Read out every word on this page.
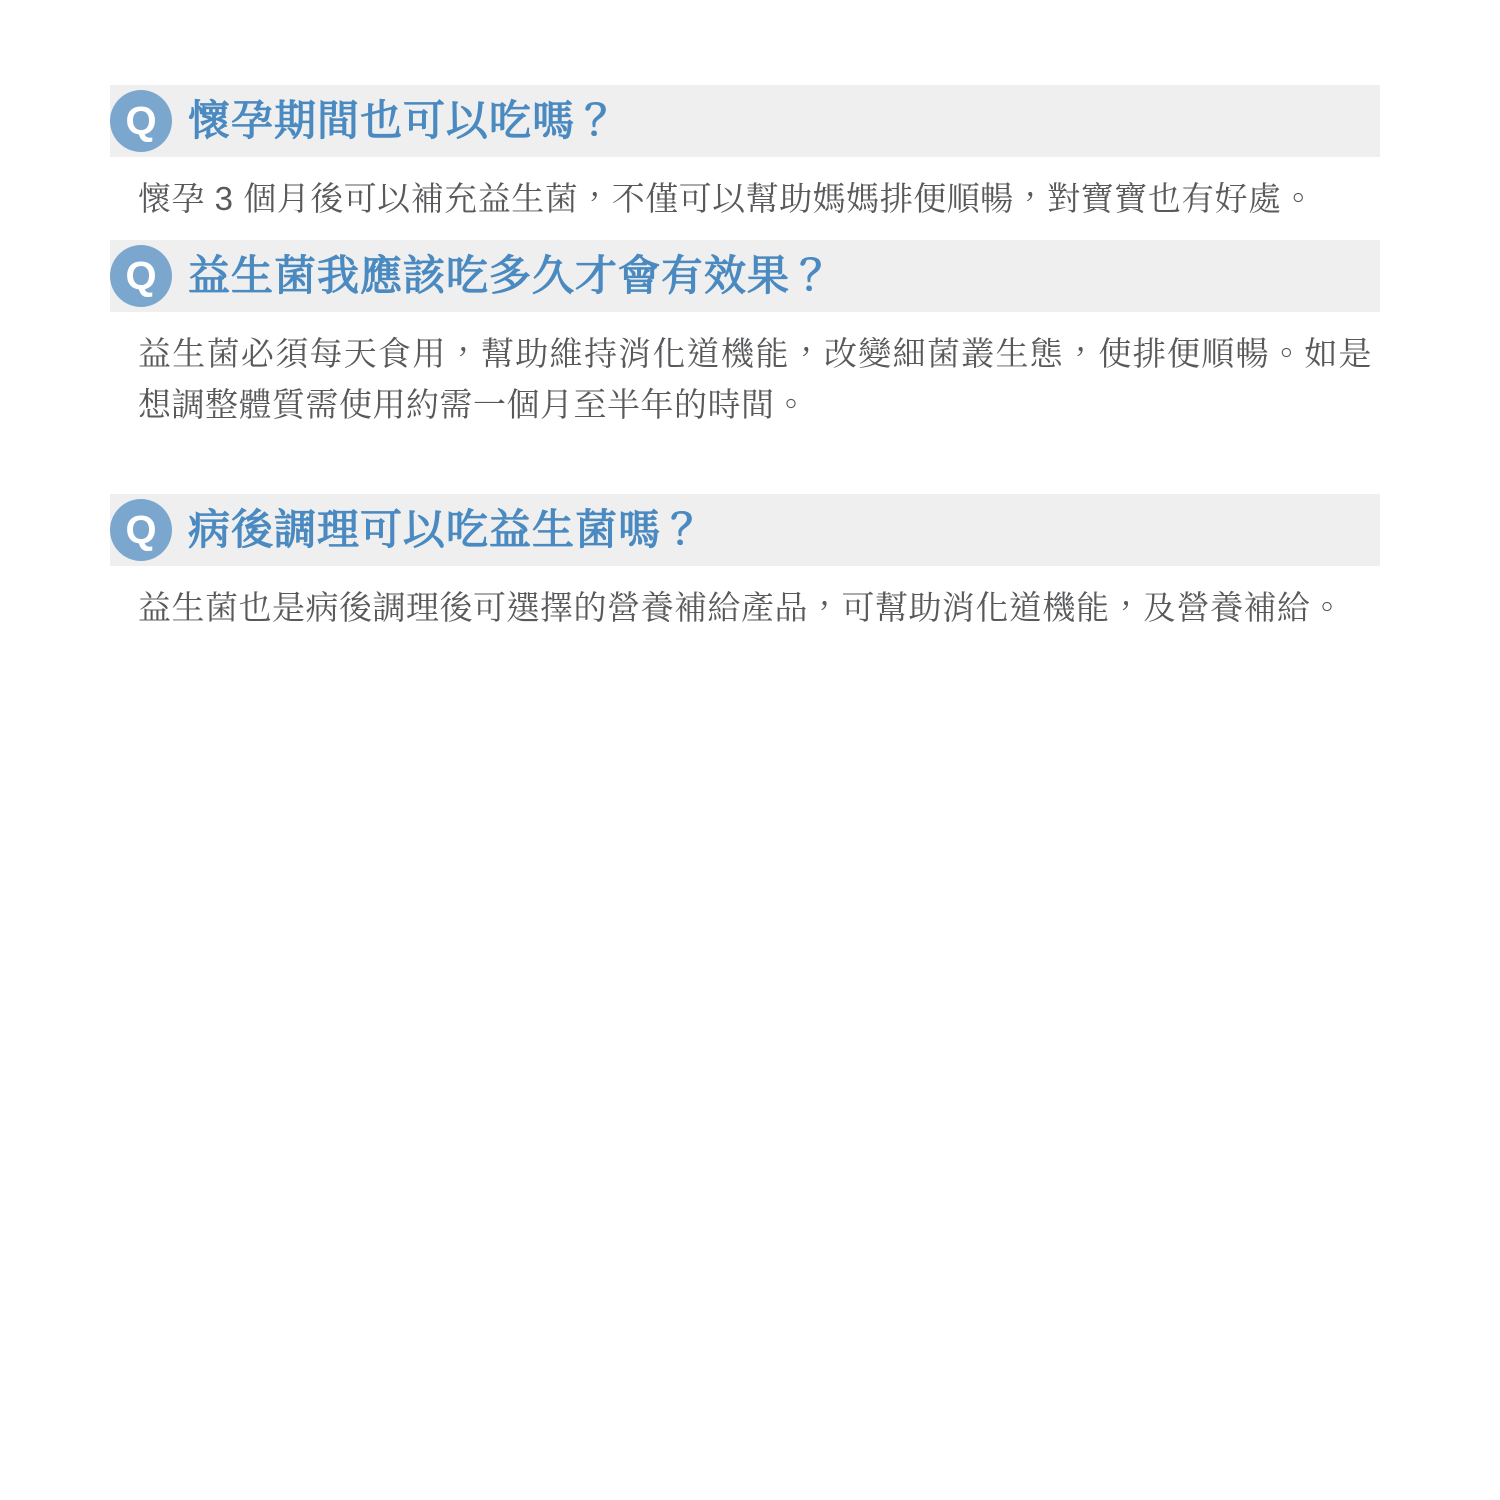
Q 懷孕期間也可以吃嗎？
懷孕 3 個月後可以補充益生菌，不僅可以幫助媽媽排便順暢，對寶寶也有好處。
Q 益生菌我應該吃多久才會有效果？
益生菌必須每天食用，幫助維持消化道機能，改變細菌叢生態，使排便順暢。如是想調整體質需使用約需一個月至半年的時間。
Q 病後調理可以吃益生菌嗎？
益生菌也是病後調理後可選擇的營養補給產品，可幫助消化道機能，及營養補給。
